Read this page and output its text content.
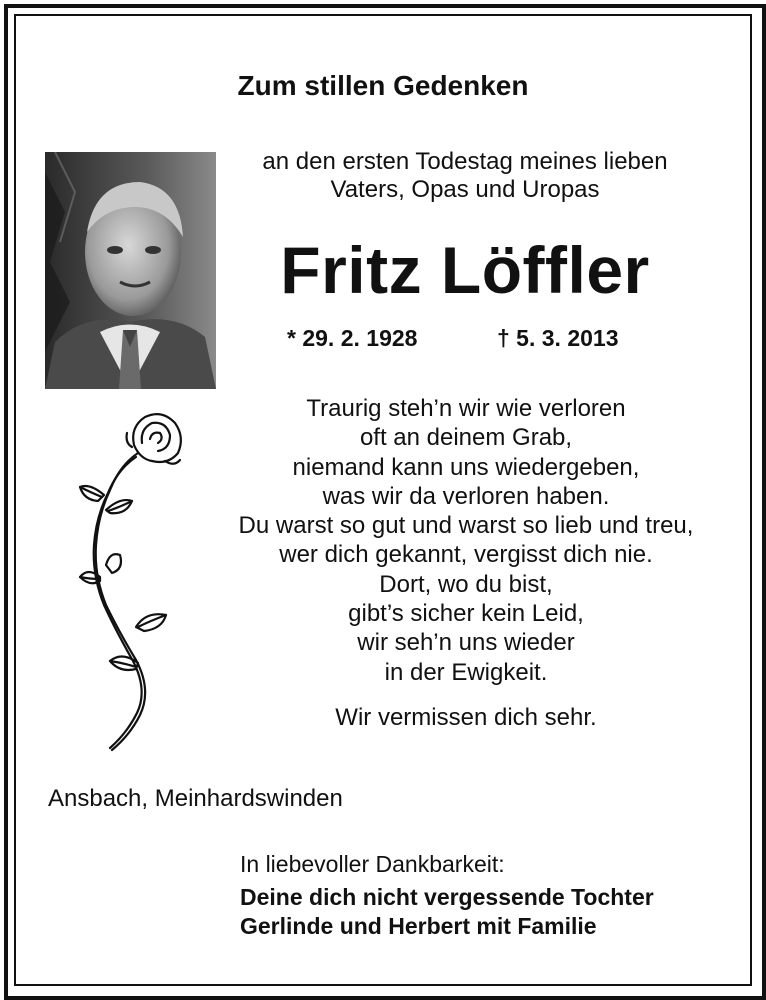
Zum stillen Gedenken
an den ersten Todestag meines lieben
Vaters, Opas und Uropas
Fritz Löffler
* 29. 2. 1928	† 5. 3. 2013
Traurig steh’n wir wie verloren
oft an deinem Grab,
niemand kann uns wiedergeben,
was wir da verloren haben.
Du warst so gut und warst so lieb und treu,
wer dich gekannt, vergisst dich nie.
Dort, wo du bist,
gibt’s sicher kein Leid,
wir seh’n uns wieder
in der Ewigkeit.
Wir vermissen dich sehr.
Ansbach, Meinhardswinden
In liebevoller Dankbarkeit:
Deine dich nicht vergessende Tochter
Gerlinde und Herbert mit Familie
